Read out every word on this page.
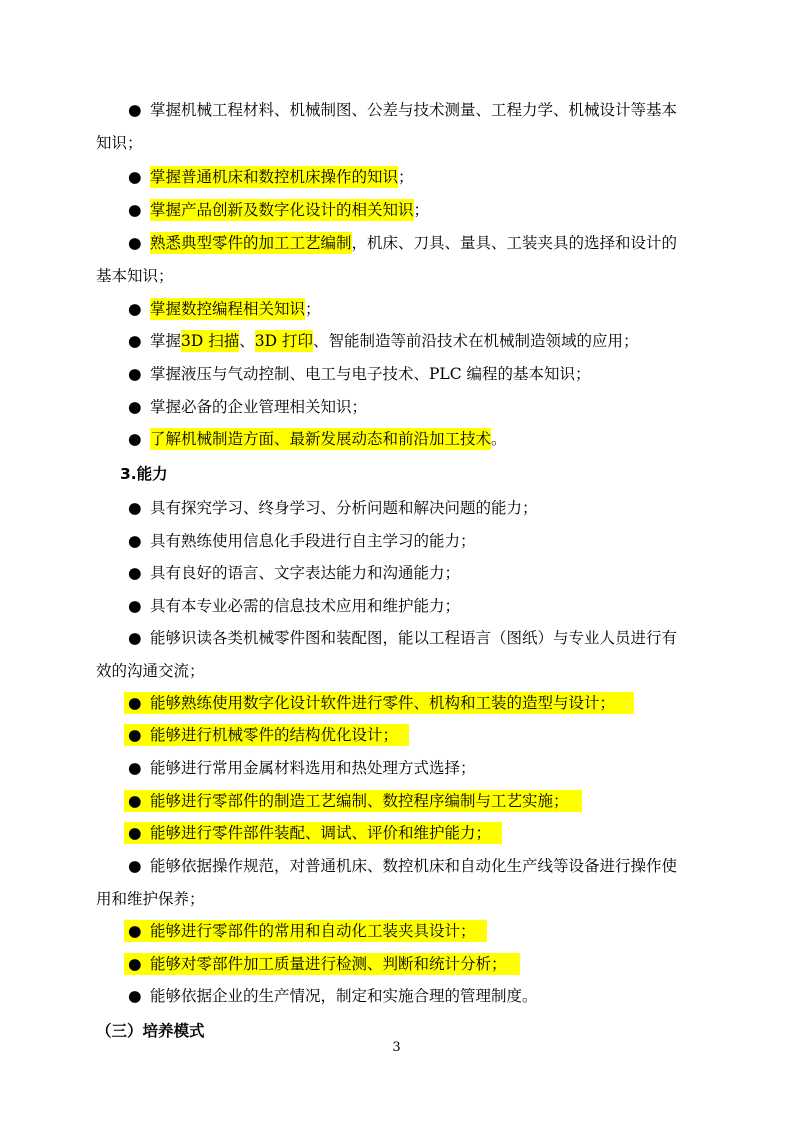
● 掌握机械工程材料、机械制图、公差与技术测量、工程力学、机械设计等基本
知识；
● 掌握普通机床和数控机床操作的知识；
● 掌握产品创新及数字化设计的相关知识；
● 熟悉典型零件的加工工艺编制，机床、刀具、量具、工装夹具的选择和设计的
基本知识；
● 掌握数控编程相关知识；
● 掌握3D 扫描、3D 打印、智能制造等前沿技术在机械制造领域的应用；
● 掌握液压与气动控制、电工与电子技术、PLC 编程的基本知识；
● 掌握必备的企业管理相关知识；
● 了解机械制造方面、最新发展动态和前沿加工技术。
3.能力
● 具有探究学习、终身学习、分析问题和解决问题的能力；
● 具有熟练使用信息化手段进行自主学习的能力；
● 具有良好的语言、文字表达能力和沟通能力；
● 具有本专业必需的信息技术应用和维护能力；
● 能够识读各类机械零件图和装配图，能以工程语言（图纸）与专业人员进行有
效的沟通交流；
● 能够熟练使用数字化设计软件进行零件、机构和工装的造型与设计；
● 能够进行机械零件的结构优化设计；
● 能够进行常用金属材料选用和热处理方式选择；
● 能够进行零部件的制造工艺编制、数控程序编制与工艺实施；
● 能够进行零件部件装配、调试、评价和维护能力；
● 能够依据操作规范，对普通机床、数控机床和自动化生产线等设备进行操作使
用和维护保养；
● 能够进行零部件的常用和自动化工装夹具设计；
● 能够对零部件加工质量进行检测、判断和统计分析；
● 能够依据企业的生产情况，制定和实施合理的管理制度。
（三）培养模式
3
